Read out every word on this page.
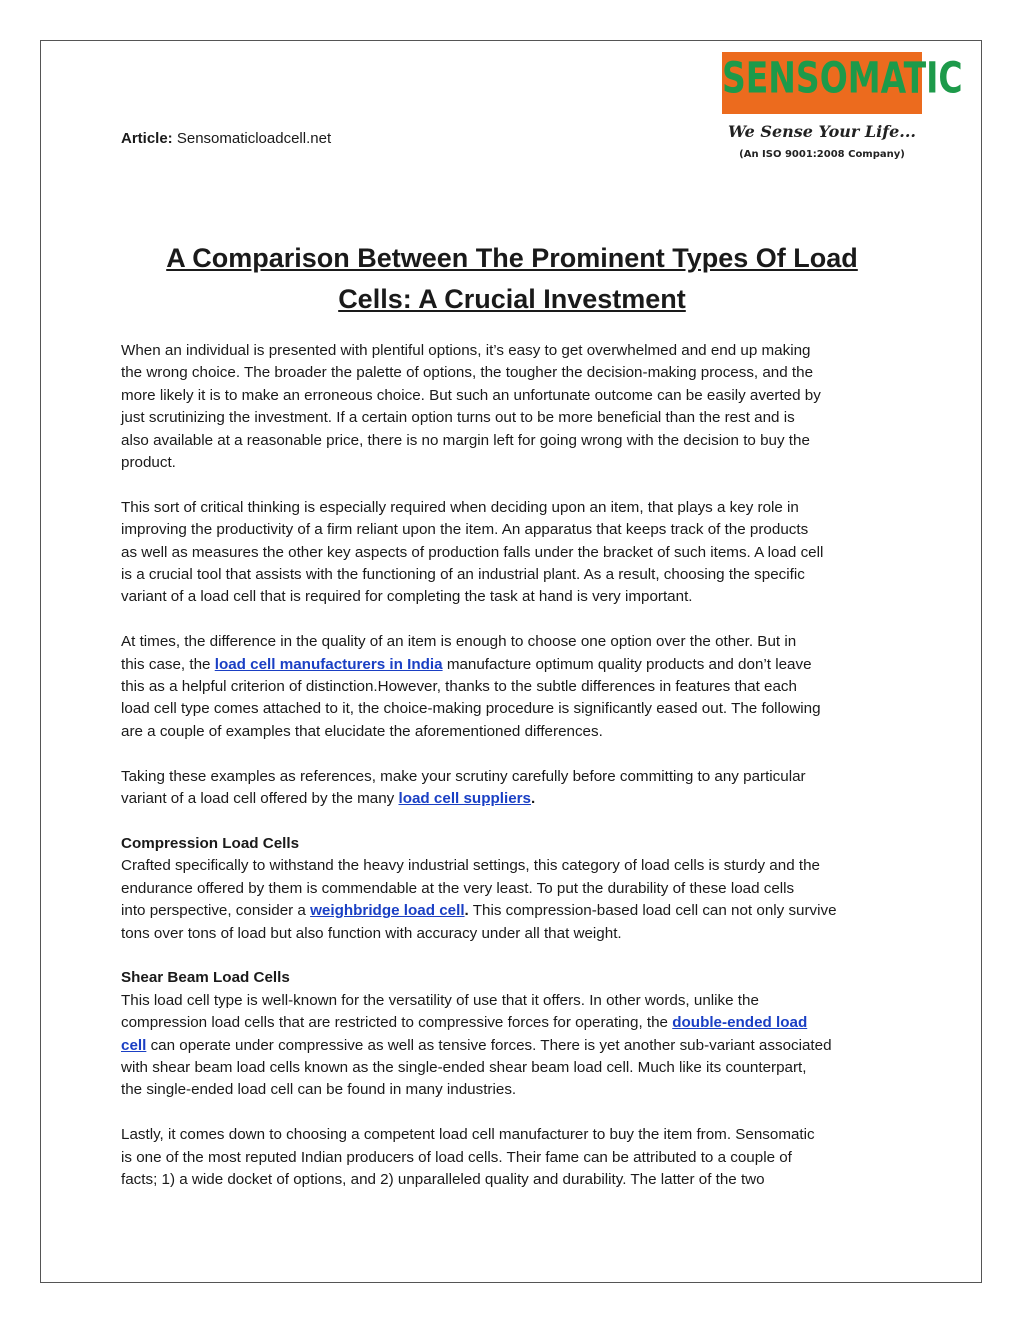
Article: Sensomaticloadcell.net
SENSOMATIC
We Sense Your Life...
(An ISO 9001:2008 Company)
A Comparison Between The Prominent Types Of Load
Cells: A Crucial Investment
When an individual is presented with plentiful options, it’s easy to get overwhelmed and end up making
the wrong choice. The broader the palette of options, the tougher the decision-making process, and the
more likely it is to make an erroneous choice. But such an unfortunate outcome can be easily averted by
just scrutinizing the investment. If a certain option turns out to be more beneficial than the rest and is
also available at a reasonable price, there is no margin left for going wrong with the decision to buy the
product.
This sort of critical thinking is especially required when deciding upon an item, that plays a key role in
improving the productivity of a firm reliant upon the item. An apparatus that keeps track of the products
as well as measures the other key aspects of production falls under the bracket of such items. A load cell
is a crucial tool that assists with the functioning of an industrial plant. As a result, choosing the specific
variant of a load cell that is required for completing the task at hand is very important.
At times, the difference in the quality of an item is enough to choose one option over the other. But in
this case, the load cell manufacturers in India manufacture optimum quality products and don’t leave
this as a helpful criterion of distinction.However, thanks to the subtle differences in features that each
load cell type comes attached to it, the choice-making procedure is significantly eased out. The following
are a couple of examples that elucidate the aforementioned differences.
Taking these examples as references, make your scrutiny carefully before committing to any particular
variant of a load cell offered by the many load cell suppliers.
Compression Load Cells
Crafted specifically to withstand the heavy industrial settings, this category of load cells is sturdy and the
endurance offered by them is commendable at the very least. To put the durability of these load cells
into perspective, consider a weighbridge load cell. This compression-based load cell can not only survive
tons over tons of load but also function with accuracy under all that weight.
Shear Beam Load Cells
This load cell type is well-known for the versatility of use that it offers. In other words, unlike the
compression load cells that are restricted to compressive forces for operating, the double-ended load
cell can operate under compressive as well as tensive forces. There is yet another sub-variant associated
with shear beam load cells known as the single-ended shear beam load cell. Much like its counterpart,
the single-ended load cell can be found in many industries.
Lastly, it comes down to choosing a competent load cell manufacturer to buy the item from. Sensomatic
is one of the most reputed Indian producers of load cells. Their fame can be attributed to a couple of
facts; 1) a wide docket of options, and 2) unparalleled quality and durability. The latter of the two
